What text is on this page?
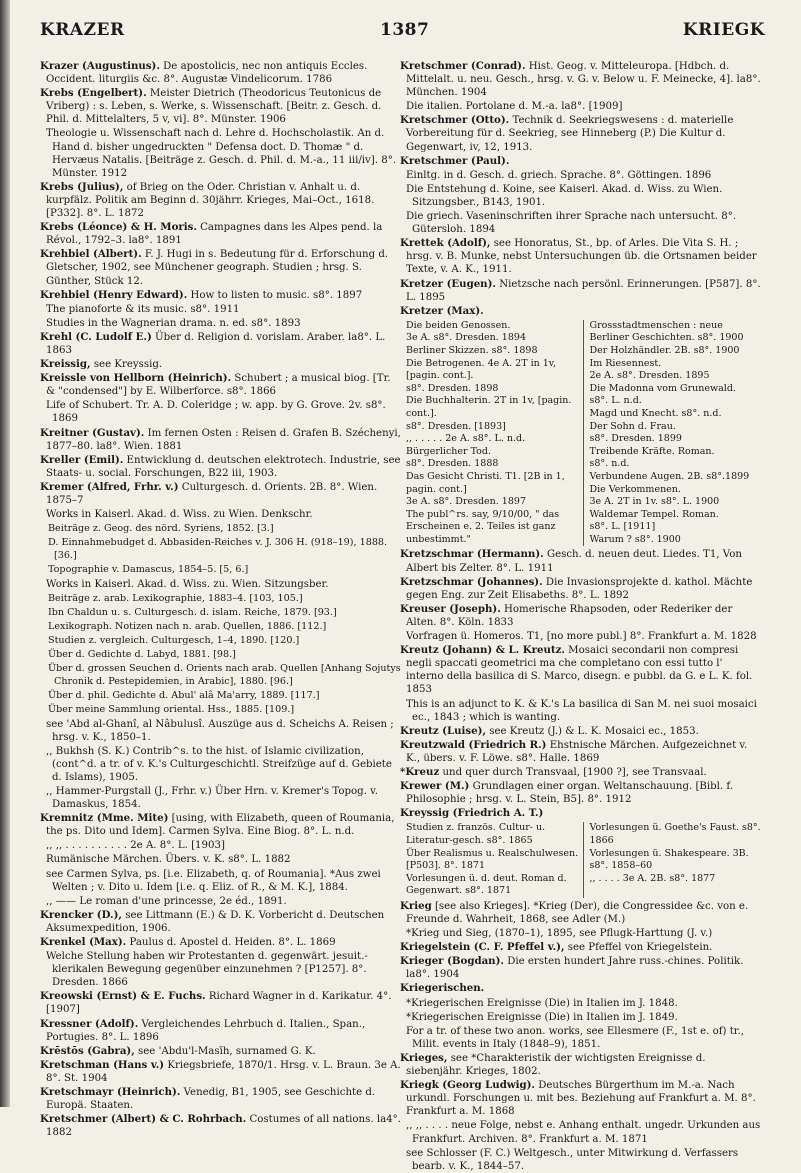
KRAZER	1387	KRIEGK
Krazer (Augustinus). De apostolicis, nec non antiquis Eccles. Occident. liturgiis &c. 8°. Augustæ Vindelicorum. 1786
Krebs (Engelbert). Meister Dietrich (Theodoricus Teutonicus de Vriberg) : s. Leben, s. Werke, s. Wissenschaft. [Beitr. z. Gesch. d. Phil. d. Mittelalters, 5 v, vi]. 8°. Münster. 1906
Theologie u. Wissenschaft nach d. Lehre d. Hochscholastik. An d. Hand d. bisher ungedruckten " Defensa doct. D. Thomæ " d. Hervæus Natalis. [Beiträge z. Gesch. d. Phil. d. M.-a., 11 iii/iv]. 8°. Münster. 1912
Krebs (Julius), of Brieg on the Oder. Christian v. Anhalt u. d. kurpfälz. Politik am Beginn d. 30jährr. Krieges, Mai–Oct., 1618. [P332]. 8°. L. 1872
Krebs (Léonce) & H. Moris. Campagnes dans les Alpes pend. la Révol., 1792–3. la8°. 1891
Krehbiel (Albert). F. J. Hugi in s. Bedeutung für d. Erforschung d. Gletscher, 1902, see Münchener geograph. Studien ; hrsg. S. Günther, Stück 12.
Krehbiel (Henry Edward). How to listen to music. s8°. 1897
The pianoforte & its music. s8°. 1911
Studies in the Wagnerian drama. n. ed. s8°. 1893
Krehl (C. Ludolf E.) Über d. Religion d. vorislam. Araber. la8°. L. 1863
Kreissig, see Kreyssig.
Kreissle von Hellborn (Heinrich). Schubert ; a musical biog. [Tr. & "condensed"] by E. Wilberforce. s8°. 1866
Life of Schubert. Tr. A. D. Coleridge ; w. app. by G. Grove. 2v. s8°. 1869
Kreitner (Gustav). Im fernen Osten : Reisen d. Grafen B. Széchenyi, 1877–80. la8°. Wien. 1881
Kreller (Emil). Entwicklung d. deutschen elektrotech. Industrie, see Staats- u. social. Forschungen, B22 iii, 1903.
Kremer (Alfred, Frhr. v.) Culturgesch. d. Orients. 2B. 8°. Wien. 1875–7
Works in Kaiserl. Akad. d. Wiss. zu Wien. Denkschr.
Beiträge z. Geog. des nörd. Syriens, 1852. [3.]
D. Einnahmebudget d. Abbasiden-Reiches v. J. 306 H. (918–19), 1888. [36.]
Topographie v. Damascus, 1854–5. [5, 6.]
Works in Kaiserl. Akad. d. Wiss. zu. Wien. Sitzungsber.
Beiträge z. arab. Lexikographie, 1883–4. [103, 105.]
Ibn Chaldun u. s. Culturgesch. d. islam. Reiche, 1879. [93.]
Lexikograph. Notizen nach n. arab. Quellen, 1886. [112.]
Studien z. vergleich. Culturgesch, 1–4, 1890. [120.]
Über d. Gedichte d. Labyd, 1881. [98.]
Über d. grossen Seuchen d. Orients nach arab. Quellen [Anhang Sojutys Chronik d. Pestepidemien, in Arabic], 1880. [96.]
Über d. phil. Gedichte d. Abul' alâ Ma'arry, 1889. [117.]
Über meine Sammlung oriental. Hss., 1885. [109.]
see 'Abd al-Ghanî, al Nâbulusî. Auszüge aus d. Scheichs A. Reisen ; hrsg. v. K., 1850–1.
,, Bukhsh (S. K.) Contrib^s. to the hist. of Islamic civilization, (cont^d. a tr. of v. K.'s Culturgeschichtl. Streifzüge auf d. Gebiete d. Islams), 1905.
,, Hammer-Purgstall (J., Frhr. v.) Über Hrn. v. Kremer's Topog. v. Damaskus, 1854.
Kremnitz (Mme. Mite) [using, with Elizabeth, queen of Roumania, the ps. Dito und Idem]. Carmen Sylva. Eine Biog. 8°. L. n.d.
,, ,, . . . . . . . . . . 2e A. 8°. L. [1903]
Rumänische Märchen. Übers. v. K. s8°. L. 1882
see Carmen Sylva, ps. [i.e. Elizabeth, q. of Roumania]. *Aus zwei Welten ; v. Dito u. Idem [i.e. q. Eliz. of R., & M. K.], 1884.
,, —— Le roman d'une princesse, 2e éd., 1891.
Krencker (D.), see Littmann (E.) & D. K. Vorbericht d. Deutschen Aksumexpedition, 1906.
Krenkel (Max). Paulus d. Apostel d. Heiden. 8°. L. 1869
Welche Stellung haben wir Protestanten d. gegenwärt. jesuit.-klerikalen Bewegung gegenüber einzunehmen ? [P1257]. 8°. Dresden. 1866
Kreowski (Ernst) & E. Fuchs. Richard Wagner in d. Karikatur. 4°. [1907]
Kressner (Adolf). Vergleichendes Lehrbuch d. Italien., Span., Portugies. 8°. L. 1896
Krēstōs (Gabra), see 'Abdu'l-Masīh, surnamed G. K.
Kretschman (Hans v.) Kriegsbriefe, 1870/1. Hrsg. v. L. Braun. 3e A. 8°. St. 1904
Kretschmayr (Heinrich). Venedig, B1, 1905, see Geschichte d. Europä. Staaten.
Kretschmer (Albert) & C. Rohrbach. Costumes of all nations. la4°. 1882
Kretschmer (Conrad). Hist. Geog. v. Mitteleuropa. [Hdbch. d. Mittelalt. u. neu. Gesch., hrsg. v. G. v. Below u. F. Meinecke, 4]. la8°. München. 1904
Die italien. Portolane d. M.-a. la8°. [1909]
Kretschmer (Otto). Technik d. Seekriegswesens : d. materielle Vorbereitung für d. Seekrieg, see Hinneberg (P.) Die Kultur d. Gegenwart, iv, 12, 1913.
Kretschmer (Paul).
Einltg. in d. Gesch. d. griech. Sprache. 8°. Göttingen. 1896
Die Entstehung d. Koine, see Kaiserl. Akad. d. Wiss. zu Wien. Sitzungsber., B143, 1901.
Die griech. Vaseninschriften ihrer Sprache nach untersucht. 8°. Gütersloh. 1894
Krettek (Adolf), see Honoratus, St., bp. of Arles. Die Vita S. H. ; hrsg. v. B. Munke, nebst Untersuchungen üb. die Ortsnamen beider Texte, v. A. K., 1911.
Kretzer (Eugen). Nietzsche nach persönl. Erinnerungen. [P587]. 8°. L. 1895
Kretzer (Max).
Die beiden Genossen.
3e A. s8°. Dresden. 1894
Berliner Skizzen. s8°. 1898
Die Betrogenen. 4e A. 2T in 1v, [pagin. cont.].
s8°. Dresden. 1898
Die Buchhalterin. 2T in 1v, [pagin. cont.].
s8°. Dresden. [1893]
,, . . . . . 2e A. s8°. L. n.d.
Bürgerlicher Tod.
s8°. Dresden. 1888
Das Gesicht Christi. T1. [2B in 1, pagin. cont.]
3e A. s8°. Dresden. 1897
The publ^rs. say, 9/10/00, " das Erscheinen e. 2. Teiles ist ganz unbestimmt."
Grossstadtmenschen : neue Berliner Geschichten. s8°. 1900
Der Holzhändler. 2B. s8°. 1900
Im Riesennest.
2e A. s8°. Dresden. 1895
Die Madonna vom Grunewald.
s8°. L. n.d.
Magd und Knecht. s8°. n.d.
Der Sohn d. Frau.
s8°. Dresden. 1899
Treibende Kräfte. Roman.
s8°. n.d.
Verbundene Augen. 2B. s8°.1899
Die Verkommenen.
3e A. 2T in 1v. s8°. L. 1900
Waldemar Tempel. Roman.
s8°. L. [1911]
Warum ? s8°. 1900
Kretzschmar (Hermann). Gesch. d. neuen deut. Liedes. T1, Von Albert bis Zelter. 8°. L. 1911
Kretzschmar (Johannes). Die Invasionsprojekte d. kathol. Mächte gegen Eng. zur Zeit Elisabeths. 8°. L. 1892
Kreuser (Joseph). Homerische Rhapsoden, oder Rederiker der Alten. 8°. Köln. 1833
Vorfragen ü. Homeros. T1, [no more publ.] 8°. Frankfurt a. M. 1828
Kreutz (Johann) & L. Kreutz. Mosaici secondarii non compresi negli spaccati geometrici ma che completano con essi tutto l' interno della basilica di S. Marco, disegn. e pubbl. da G. e L. K. fol. 1853
This is an adjunct to K. & K.'s La basilica di San M. nei suoi mosaici ec., 1843 ; which is wanting.
Kreutz (Luise), see Kreutz (J.) & L. K. Mosaici ec., 1853.
Kreutzwald (Friedrich R.) Ehstnische Märchen. Aufgezeichnet v. K., übers. v. F. Löwe. s8°. Halle. 1869
*Kreuz und quer durch Transvaal, [1900 ?], see Transvaal.
Krewer (M.) Grundlagen einer organ. Weltanschauung. [Bibl. f. Philosophie ; hrsg. v. L. Stein, B5]. 8°. 1912
Kreyssig (Friedrich A. T.)
Studien z. französ. Cultur- u. Literatur-gesch. s8°. 1865
Über Realismus u. Realschulwesen. [P503]. 8°. 1871
Vorlesungen ü. d. deut. Roman d. Gegenwart. s8°. 1871
Vorlesungen ü. Goethe's Faust. s8°. 1866
Vorlesungen ü. Shakespeare. 3B. s8°. 1858–60
,, . . . . 3e A. 2B. s8°. 1877
Krieg [see also Krieges]. *Krieg (Der), die Congressidee &c. von e. Freunde d. Wahrheit, 1868, see Adler (M.)
*Krieg und Sieg, (1870–1), 1895, see Pflugk-Harttung (J. v.)
Kriegelstein (C. F. Pfeffel v.), see Pfeffel von Kriegelstein.
Krieger (Bogdan). Die ersten hundert Jahre russ.-chines. Politik. la8°. 1904
Kriegerischen.
*Kriegerischen Ereignisse (Die) in Italien im J. 1848.
*Kriegerischen Ereignisse (Die) in Italien im J. 1849.
For a tr. of these two anon. works, see Ellesmere (F., 1st e. of) tr., Milit. events in Italy (1848–9), 1851.
Krieges, see *Charakteristik der wichtigsten Ereignisse d. siebenjähr. Krieges, 1802.
Kriegk (Georg Ludwig). Deutsches Bürgerthum im M.-a. Nach urkundl. Forschungen u. mit bes. Beziehung auf Frankfurt a. M. 8°. Frankfurt a. M. 1868
,, ,, . . . . neue Folge, nebst e. Anhang enthalt. ungedr. Urkunden aus Frankfurt. Archiven. 8°. Frankfurt a. M. 1871
see Schlosser (F. C.) Weltgesch., unter Mitwirkung d. Verfassers bearb. v. K., 1844–57.
